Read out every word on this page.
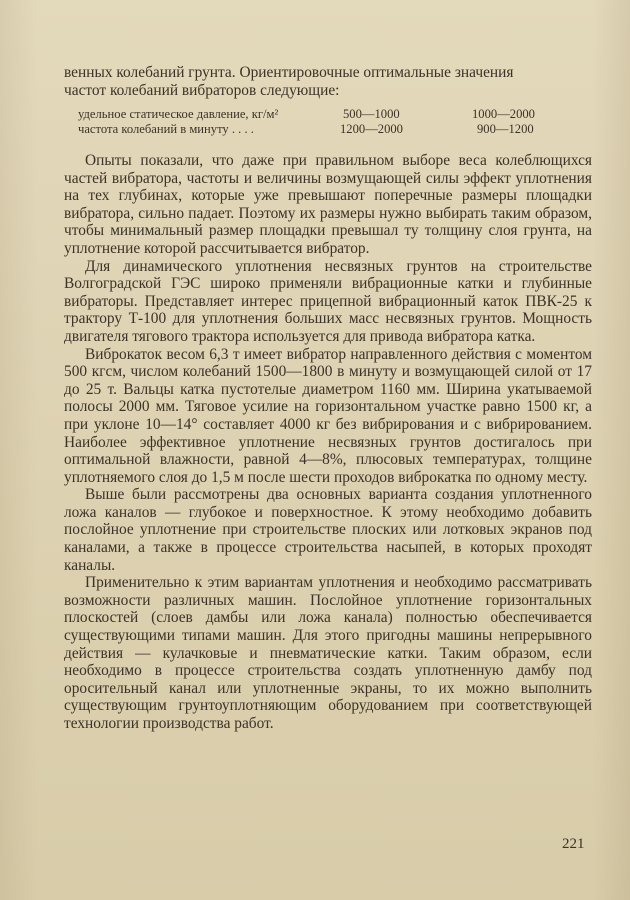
венных колебаний грунта. Ориентировочные оптимальные значения

частот колебаний вибраторов следующие:

удельное статическое давление, кг/м²	500—1000	1000—2000
частота колебаний в минуту . . . .	1200—2000	900—1200

Опыты показали, что даже при правильном выборе веса колеблющихся частей вибратора, частоты и величины возмущающей силы эффект уплотнения на тех глубинах, которые уже превышают поперечные размеры площадки вибратора, сильно падает. Поэтому их размеры нужно выбирать таким образом, чтобы минимальный размер площадки превышал ту толщину слоя грунта, на уплотнение которой рассчитывается вибратор.

Для динамического уплотнения несвязных грунтов на строительстве Волгоградской ГЭС широко применяли вибрационные катки и глубинные вибраторы. Представляет интерес прицепной вибрационный каток ПВК-25 к трактору Т-100 для уплотнения больших масс несвязных грунтов. Мощность двигателя тягового трактора используется для привода вибратора катка.

Виброкаток весом 6,3 т имеет вибратор направленного действия с моментом 500 кгсм, числом колебаний 1500—1800 в минуту и возмущающей силой от 17 до 25 т. Вальцы катка пустотелые диаметром 1160 мм. Ширина укатываемой полосы 2000 мм. Тяговое усилие на горизонтальном участке равно 1500 кг, а при уклоне 10—14° составляет 4000 кг без вибрирования и с вибрированием. Наиболее эффективное уплотнение несвязных грунтов достигалось при оптимальной влажности, равной 4—8%, плюсовых температурах, толщине уплотняемого слоя до 1,5 м после шести проходов виброкатка по одному месту.

Выше были рассмотрены два основных варианта создания уплотненного ложа каналов — глубокое и поверхностное. К этому необходимо добавить послойное уплотнение при строительстве плоских или лотковых экранов под каналами, а также в процессе строительства насыпей, в которых проходят каналы.

Применительно к этим вариантам уплотнения и необходимо рассматривать возможности различных машин. Послойное уплотнение горизонтальных плоскостей (слоев дамбы или ложа канала) полностью обеспечивается существующими типами машин. Для этого пригодны машины непрерывного действия — кулачковые и пневматические катки. Таким образом, если необходимо в процессе строительства создать уплотненную дамбу под оросительный канал или уплотненные экраны, то их можно выполнить существующим грунтоуплотняющим оборудованием при соответствующей технологии производства работ.

221
